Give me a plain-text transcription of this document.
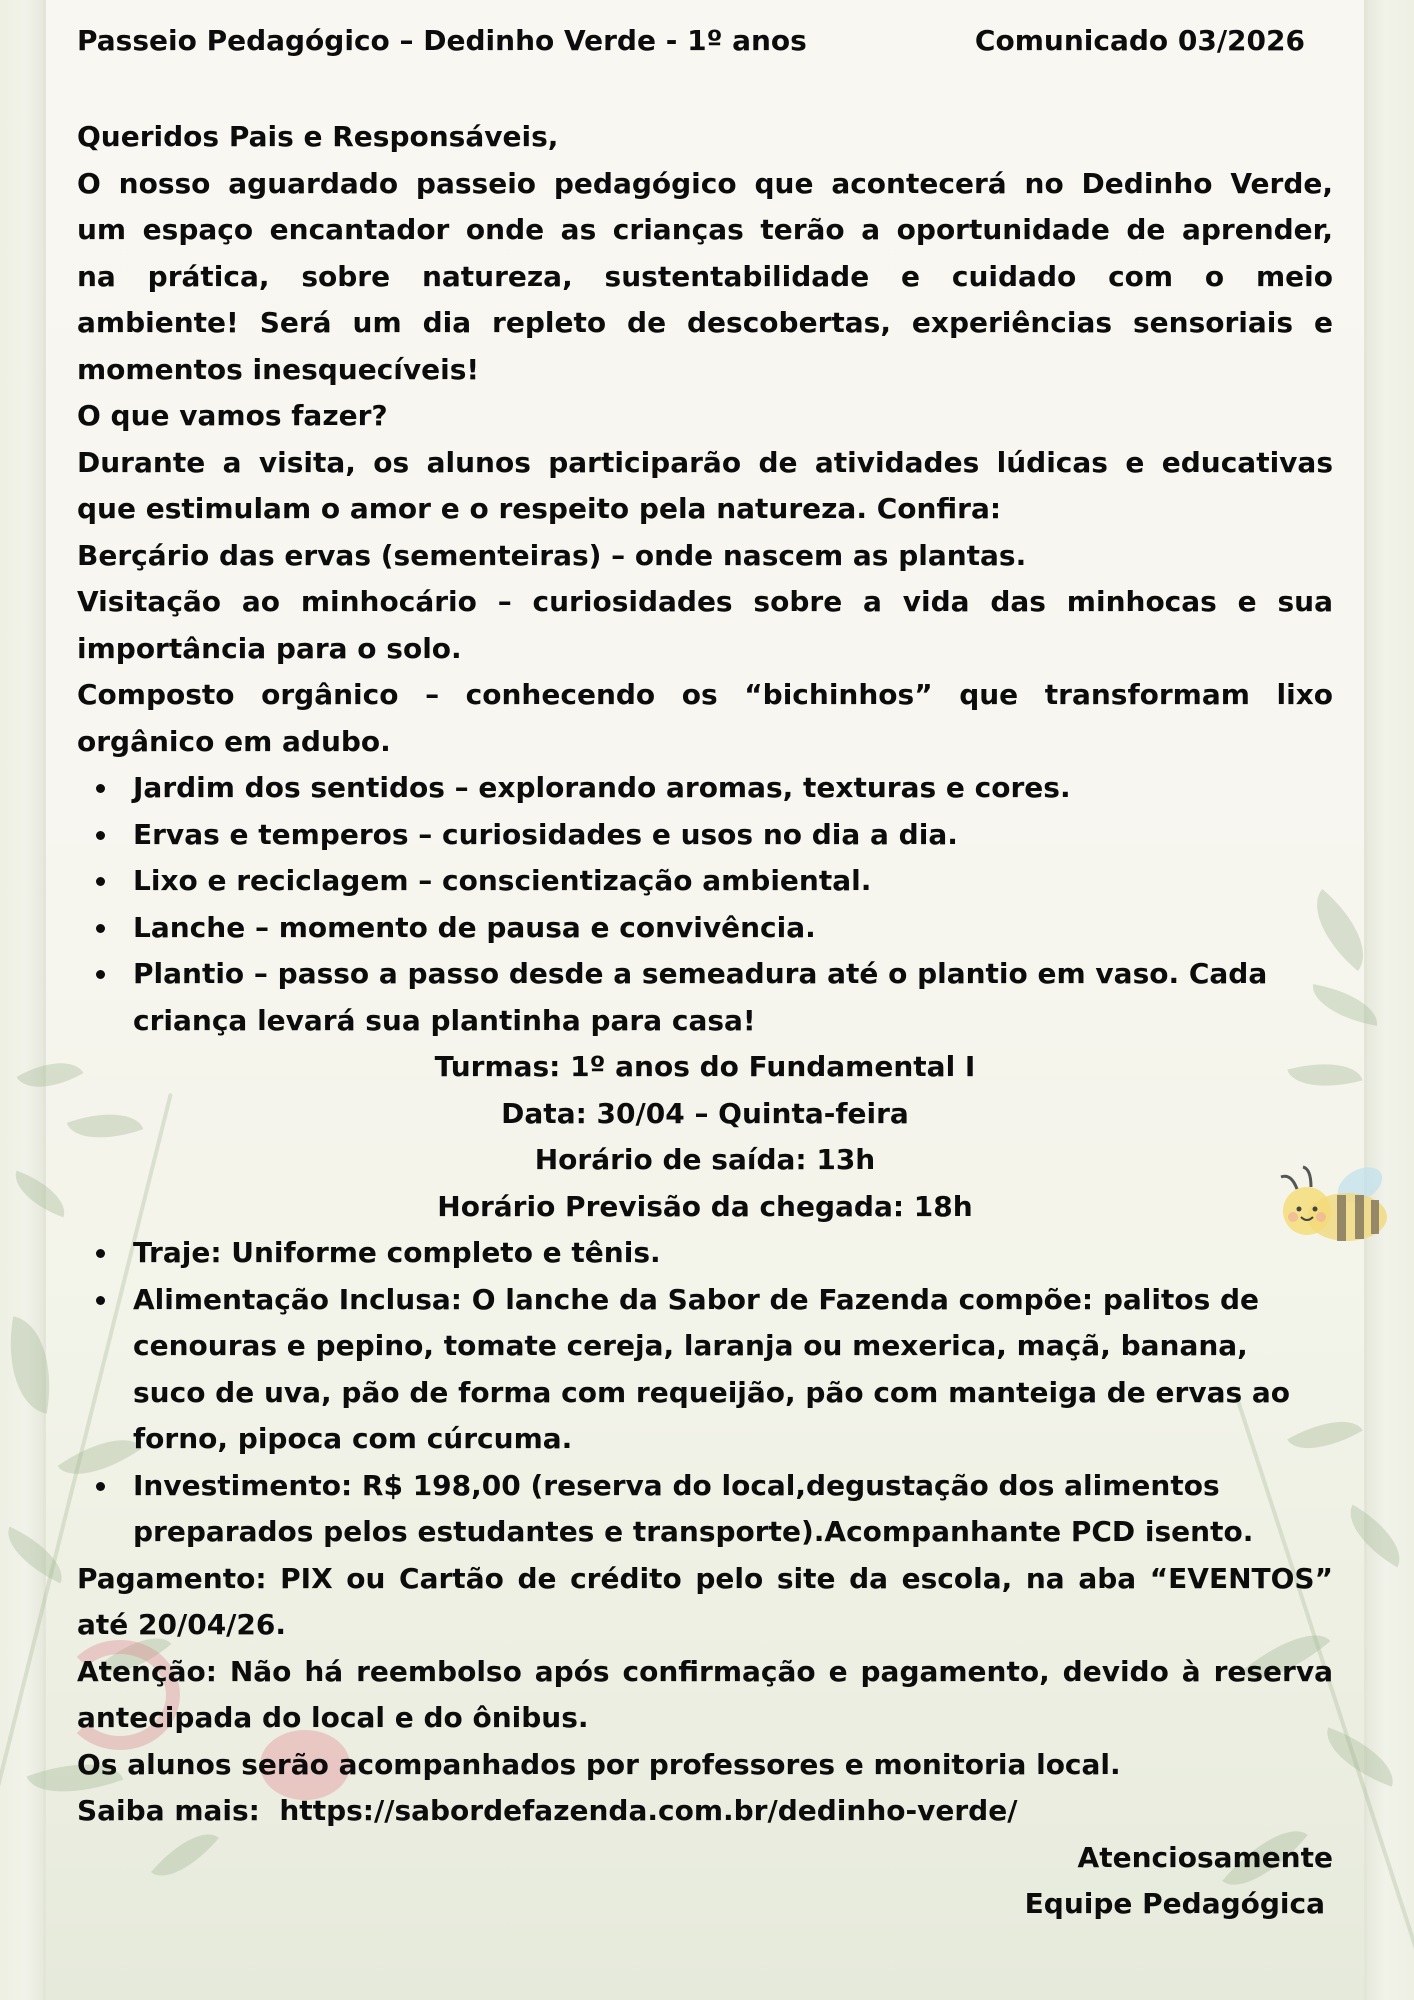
Passeio Pedagógico – Dedinho Verde - 1º anos	Comunicado 03/2026
Queridos Pais e Responsáveis,
O nosso aguardado passeio pedagógico que acontecerá no Dedinho Verde,
um espaço encantador onde as crianças terão a oportunidade de aprender,
na prática, sobre natureza, sustentabilidade e cuidado com o meio
ambiente! Será um dia repleto de descobertas, experiências sensoriais e
momentos inesquecíveis!
O que vamos fazer?
Durante a visita, os alunos participarão de atividades lúdicas e educativas
que estimulam o amor e o respeito pela natureza. Confira:
Berçário das ervas (sementeiras) – onde nascem as plantas.
Visitação ao minhocário – curiosidades sobre a vida das minhocas e sua importância para o solo.
Composto orgânico – conhecendo os “bichinhos” que transformam lixo orgânico em adubo.
Jardim dos sentidos – explorando aromas, texturas e cores.
Ervas e temperos – curiosidades e usos no dia a dia.
Lixo e reciclagem – conscientização ambiental.
Lanche – momento de pausa e convivência.
Plantio – passo a passo desde a semeadura até o plantio em vaso. Cada criança levará sua plantinha para casa!
Turmas: 1º anos do Fundamental I
Data: 30/04 – Quinta-feira
Horário de saída: 13h
Horário Previsão da chegada: 18h
Traje: Uniforme completo e tênis.
Alimentação Inclusa: O lanche da Sabor de Fazenda compõe: palitos de cenouras e pepino, tomate cereja, laranja ou mexerica, maçã, banana, suco de uva, pão de forma com requeijão, pão com manteiga de ervas ao forno, pipoca com cúrcuma.
Investimento: R$ 198,00 (reserva do local,degustação dos alimentos preparados pelos estudantes e transporte).Acompanhante PCD isento.
Pagamento: PIX ou Cartão de crédito pelo site da escola, na aba “EVENTOS” até 20/04/26.
Atenção: Não há reembolso após confirmação e pagamento, devido à reserva antecipada do local e do ônibus.
Os alunos serão acompanhados por professores e monitoria local.
Saiba mais: https://sabordefazenda.com.br/dedinho-verde/
Atenciosamente
Equipe Pedagógica
